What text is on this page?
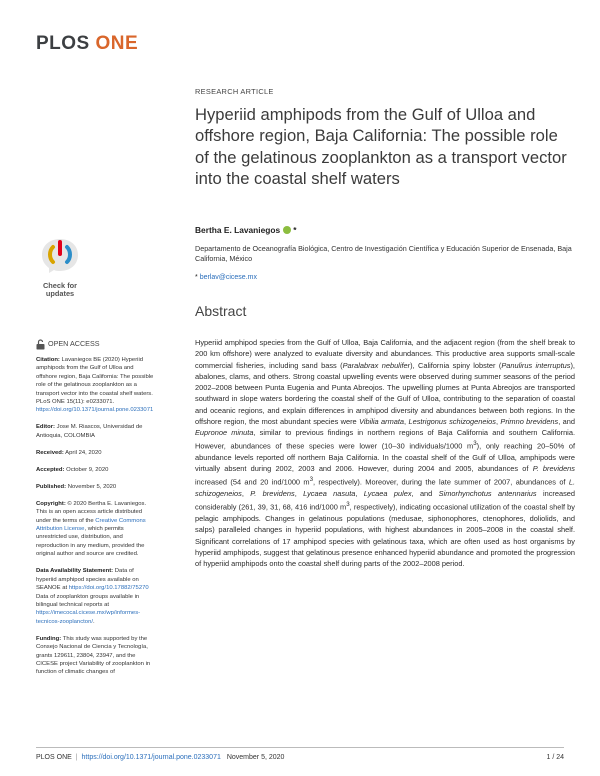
PLOS ONE
RESEARCH ARTICLE
Hyperiid amphipods from the Gulf of Ulloa and offshore region, Baja California: The possible role of the gelatinous zooplankton as a transport vector into the coastal shelf waters
Bertha E. Lavaniegos *
Departamento de Oceanografía Biológica, Centro de Investigación Científica y Educación Superior de Ensenada, Baja California, México
* berlav@cicese.mx
Check for
updates
OPEN ACCESS

Citation: Lavaniegos BE (2020) Hyperiid amphipods from the Gulf of Ulloa and offshore region, Baja California: The possible role of the gelatinous zooplankton as a transport vector into the coastal shelf waters. PLoS ONE 15(11): e0233071. https://doi.org/10.1371/journal.pone.0233071

Editor: Jose M. Riascos, Universidad de Antioquia, COLOMBIA

Received: April 24, 2020

Accepted: October 9, 2020

Published: November 5, 2020

Copyright: © 2020 Bertha E. Lavaniegos. This is an open access article distributed under the terms of the Creative Commons Attribution License, which permits unrestricted use, distribution, and reproduction in any medium, provided the original author and source are credited.

Data Availability Statement: Data of hyperiid amphipod species available on SEANOE at https://doi.org/10.17882/75270 Data of zooplankton groups available in bilingual technical reports at https://imecocal.cicese.mx/wp/informes-tecnicos-zooplancton/.

Funding: This study was supported by the Consejo Nacional de Ciencia y Tecnología, grants 129611, 23804, 23947, and the CICESE project Variability of zooplankton in function of climatic changes of

Abstract
Hyperiid amphipod species from the Gulf of Ulloa, Baja California, and the adjacent region (from the shelf break to 200 km offshore) were analyzed to evaluate diversity and abundances. This productive area supports small-scale commercial fisheries, including sand bass (Paralabrax nebulifer), California spiny lobster (Panulirus interruptus), abalones, clams, and others. Strong coastal upwelling events were observed during summer seasons of the period 2002–2008 between Punta Eugenia and Punta Abreojos. The upwelling plumes at Punta Abreojos are transported southward in slope waters bordering the coastal shelf of the Gulf of Ulloa, contributing to the separation of coastal and oceanic regions, and explain differences in amphipod diversity and abundances between both regions. In the offshore region, the most abundant species were Vibilia armata, Lestrigonus schizogeneios, Primno brevidens, and Eupronoe minuta, similar to previous findings in northern regions of Baja California and southern California. However, abundances of these species were lower (10–30 individuals/1000 $m^3$), only reaching 20–50% of abundance levels reported off northern Baja California. In the coastal shelf of the Gulf of Ulloa, amphipods were virtually absent during 2002, 2003 and 2006. However, during 2004 and 2005, abundances of P. brevidens increased (54 and 20 ind/1000 $m^3$, respectively). Moreover, during the late summer of 2007, abundances of L. schizogeneios, P. brevidens, Lycaea nasuta, Lycaea pulex, and Simorhynchotus antennarius increased considerably (261, 39, 31, 68, 416 ind/1000 $m^3$, respectively), indicating occasional utilization of the coastal shelf by pelagic amphipods. Changes in gelatinous populations (medusae, siphonophores, ctenophores, doliolids, and salps) paralleled changes in hyperiid populations, with highest abundances in 2005–2008 in the coastal shelf. Significant correlations of 17 amphipod species with gelatinous taxa, which are often used as host organisms by hyperiid amphipods, suggest that gelatinous presence enhanced hyperiid abundance and promoted the progression of hyperiid amphipods onto the coastal shelf during parts of the 2002–2008 period.
PLOS ONE | https://doi.org/10.1371/journal.pone.0233071 November 5, 2020	1 / 24
